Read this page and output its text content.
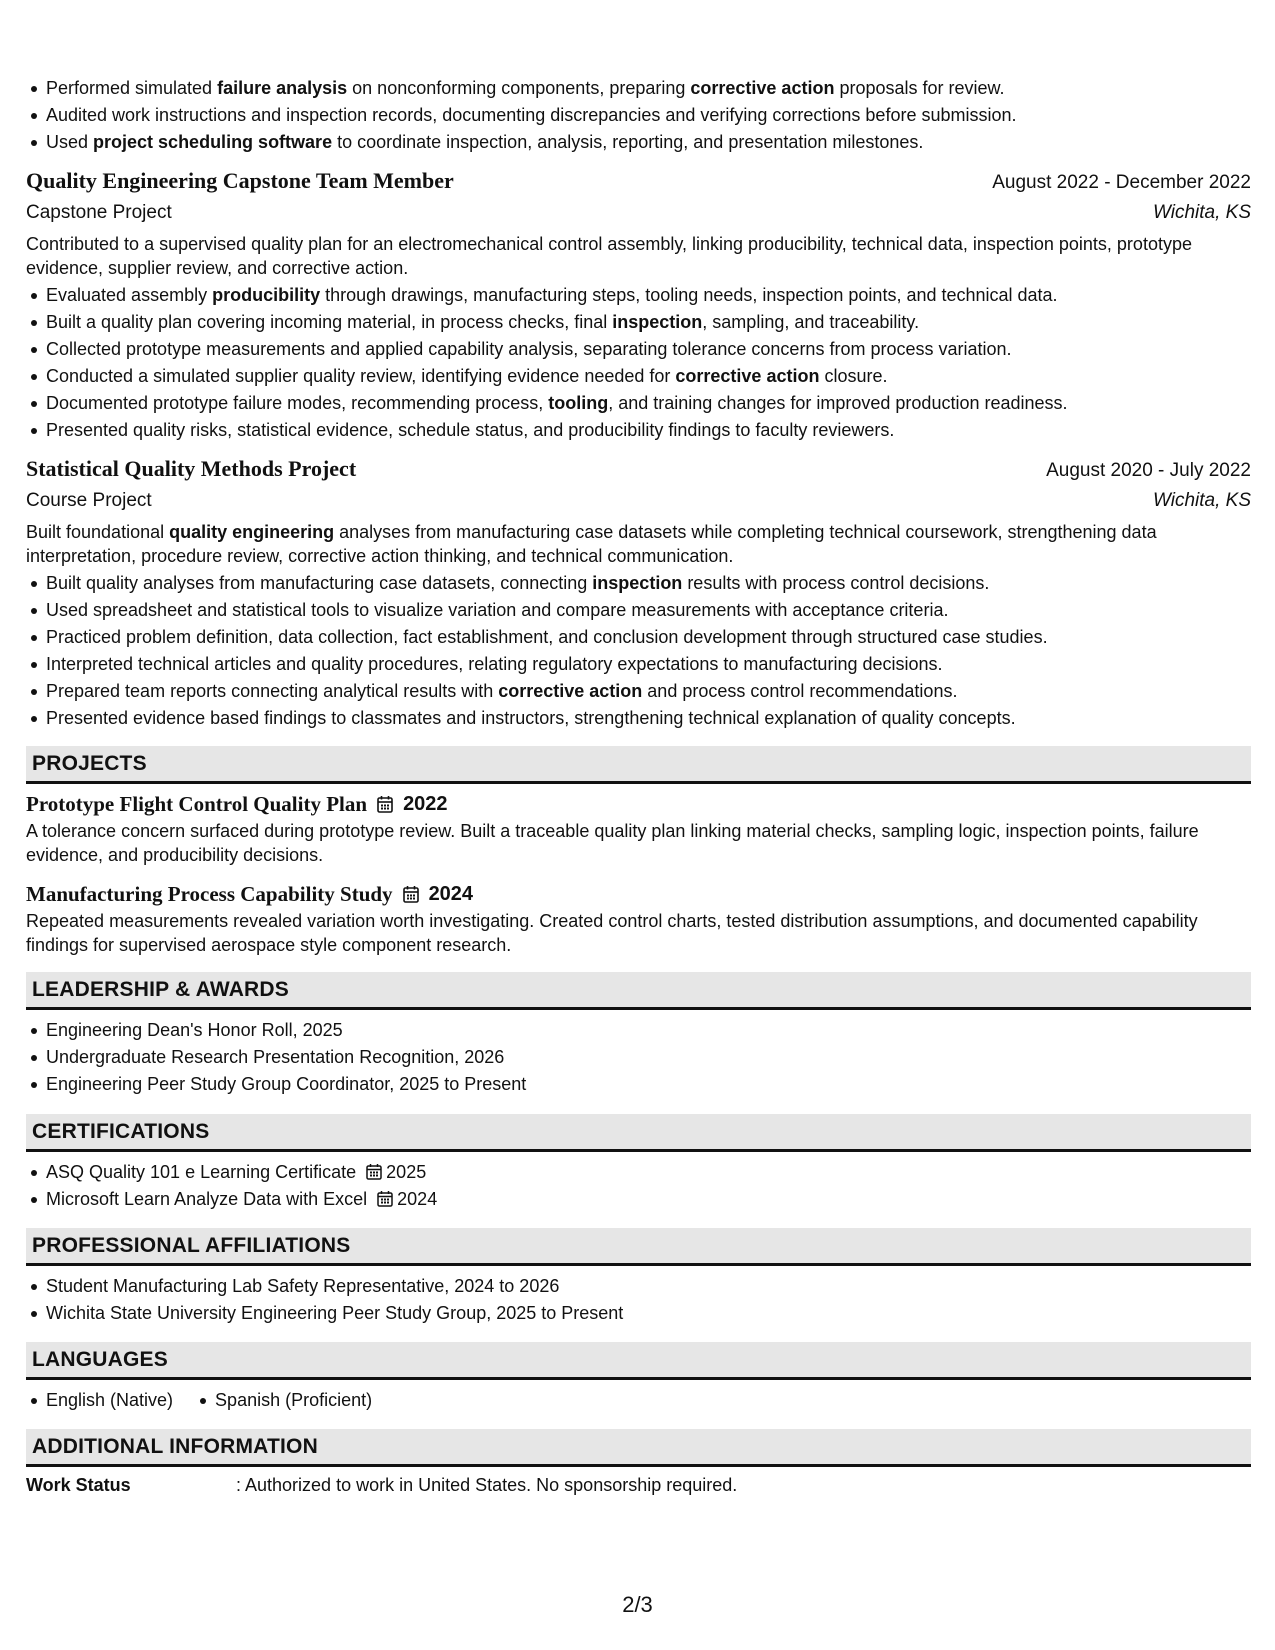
Performed simulated failure analysis on nonconforming components, preparing corrective action proposals for review.
Audited work instructions and inspection records, documenting discrepancies and verifying corrections before submission.
Used project scheduling software to coordinate inspection, analysis, reporting, and presentation milestones.
Quality Engineering Capstone Team Member	August 2022 - December 2022
Capstone Project	Wichita, KS
Contributed to a supervised quality plan for an electromechanical control assembly, linking producibility, technical data, inspection points, prototype evidence, supplier review, and corrective action.
Evaluated assembly producibility through drawings, manufacturing steps, tooling needs, inspection points, and technical data.
Built a quality plan covering incoming material, in process checks, final inspection, sampling, and traceability.
Collected prototype measurements and applied capability analysis, separating tolerance concerns from process variation.
Conducted a simulated supplier quality review, identifying evidence needed for corrective action closure.
Documented prototype failure modes, recommending process, tooling, and training changes for improved production readiness.
Presented quality risks, statistical evidence, schedule status, and producibility findings to faculty reviewers.
Statistical Quality Methods Project	August 2020 - July 2022
Course Project	Wichita, KS
Built foundational quality engineering analyses from manufacturing case datasets while completing technical coursework, strengthening data interpretation, procedure review, corrective action thinking, and technical communication.
Built quality analyses from manufacturing case datasets, connecting inspection results with process control decisions.
Used spreadsheet and statistical tools to visualize variation and compare measurements with acceptance criteria.
Practiced problem definition, data collection, fact establishment, and conclusion development through structured case studies.
Interpreted technical articles and quality procedures, relating regulatory expectations to manufacturing decisions.
Prepared team reports connecting analytical results with corrective action and process control recommendations.
Presented evidence based findings to classmates and instructors, strengthening technical explanation of quality concepts.
PROJECTS
Prototype Flight Control Quality Plan 2022
A tolerance concern surfaced during prototype review. Built a traceable quality plan linking material checks, sampling logic, inspection points, failure evidence, and producibility decisions.
Manufacturing Process Capability Study 2024
Repeated measurements revealed variation worth investigating. Created control charts, tested distribution assumptions, and documented capability findings for supervised aerospace style component research.
LEADERSHIP & AWARDS
Engineering Dean's Honor Roll, 2025
Undergraduate Research Presentation Recognition, 2026
Engineering Peer Study Group Coordinator, 2025 to Present
CERTIFICATIONS
ASQ Quality 101 e Learning Certificate 2025
Microsoft Learn Analyze Data with Excel 2024
PROFESSIONAL AFFILIATIONS
Student Manufacturing Lab Safety Representative, 2024 to 2026
Wichita State University Engineering Peer Study Group, 2025 to Present
LANGUAGES
English (Native) Spanish (Proficient)
ADDITIONAL INFORMATION
Work Status	: Authorized to work in United States. No sponsorship required.
2/3
